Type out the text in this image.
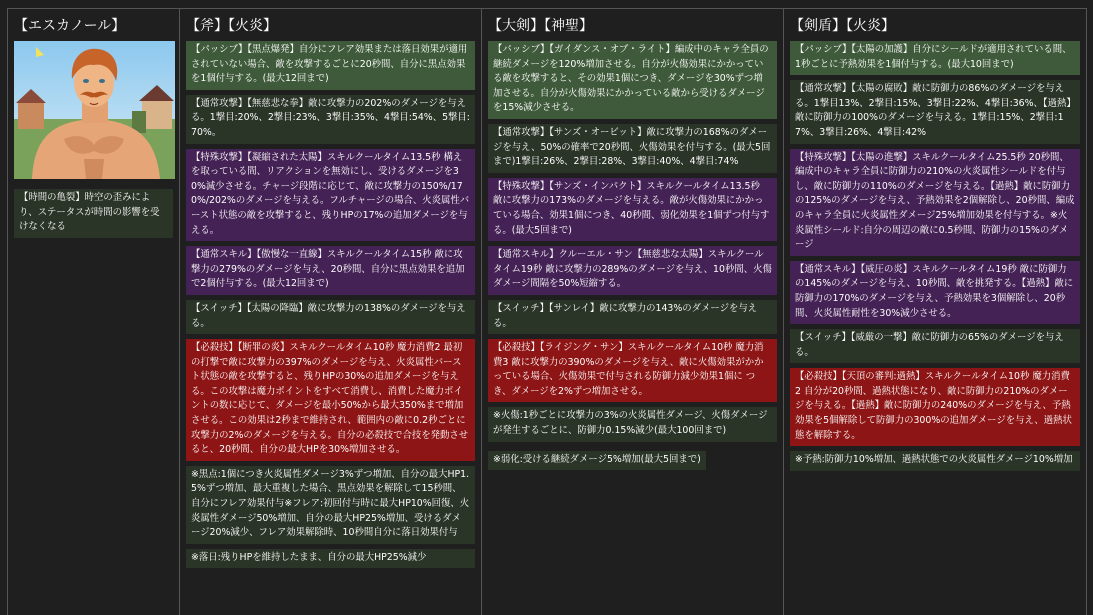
【エスカノール】
【時間の亀裂】時空の歪みにより、ステータスが時間の影響を受けなくなる
【斧】【火炎】
【パッシブ】【黒点爆発】自分にフレア効果または落日効果が適用されていない場合、敵を攻撃するごとに20秒間、自分に黒点効果を1個付与する。(最大12回まで)
【通常攻撃】【無慈悲な拳】敵に攻撃力の202%のダメージを与える。1撃目:20%、2撃目:23%、3撃目:35%、4撃目:54%、5撃目:70%。
【特殊攻撃】【凝縮された太陽】スキルクールタイム13.5秒 構えを取っている間、リアクションを無効にし、受けるダメージを30%減少させる。チャージ段階に応じて、敵に攻撃力の150%/170%/202%のダメージを与える。フルチャージの場合、火炎属性バースト状態の敵を攻撃すると、残りHPの17%の追加ダメージを与える。
【通常スキル】【傲慢な一直線】スキルクールタイム15秒 敵に攻撃力の279%のダメージを与え、20秒間、自分に黒点効果を追加で2個付与する。(最大12回まで)
【スイッチ】【太陽の降臨】敵に攻撃力の138%のダメージを与える。
【必殺技】【断罪の炎】スキルクールタイム10秒 魔力消費2 最初の打撃で敵に攻撃力の397%のダメージを与え、火炎属性バースト状態の敵を攻撃すると、残りHPの30%の追加ダメージを与える。この攻撃は魔力ポイントをすべて消費し、消費した魔力ポイントの数に応じて、ダメージを最小50%から最大350%まで増加させる。この効果は2秒まで維持され、範囲内の敵に0.2秒ごとに攻撃力の2%のダメージを与える。自分の必殺技で合技を発動させると、20秒間、自分の最大HPを30%増加させる。
※黒点:1個につき火炎属性ダメージ3%ずつ増加、自分の最大HP1.5%ずつ増加、最大重複した場合、黒点効果を解除して15秒間、自分にフレア効果付与※フレア:初回付与時に最大HP10%回復、火炎属性ダメージ50%増加、自分の最大HP25%増加、受けるダメージ20%減少、フレア効果解除時、10秒間自分に落日効果付与
※落日:残りHPを維持したまま、自分の最大HP25%減少
【大剣】【神聖】
【パッシブ】【ガイダンス・オブ・ライト】編成中のキャラ全員の継続ダメージを120%増加させる。自分が火傷効果にかかっている敵を攻撃すると、その効果1個につき、ダメージを30%ずつ増加させる。自分が火傷効果にかかっている敵から受けるダメージを15%減少させる。
【通常攻撃】【サンズ・オービット】敵に攻撃力の168%のダメージを与え、50%の確率で20秒間、火傷効果を付与する。(最大5回まで)1撃目:26%、2撃目:28%、3撃目:40%、4撃目:74%
【特殊攻撃】【サンズ・インパクト】スキルクールタイム13.5秒 敵に攻撃力の173%のダメージを与える。敵が火傷効果にかかっている場合、効果1個につき、40秒間、弱化効果を1個ずつ付与する。(最大5回まで)
【通常スキル】クルーエル・サン【無慈悲な太陽】スキルクールタイム19秒 敵に攻撃力の289%のダメージを与え、10秒間、火傷ダメージ間隔を50%短縮する。
【スイッチ】【サンレイ】敵に攻撃力の143%のダメージを与える。
【必殺技】【ライジング・サン】スキルクールタイム10秒 魔力消費3 敵に攻撃力の390%のダメージを与え、敵に火傷効果がかかっている場合、火傷効果で付与される防御力減少効果1個に つき、ダメージを2%ずつ増加させる。
※火傷:1秒ごとに攻撃力の3%の火炎属性ダメージ、火傷ダメージが発生するごとに、防御力0.15%減少(最大100回まで)
※弱化:受ける継続ダメージ5%増加(最大5回まで)
【剣盾】【火炎】
【パッシブ】【太陽の加護】自分にシールドが適用されている間、1秒ごとに予熱効果を1個付与する。(最大10回まで)
【通常攻撃】【太陽の腐敗】敵に防御力の86%のダメージを与える。1撃目13%、2撃目:15%、3撃目:22%、4撃目:36%、【過熱】敵に防御力の100%のダメージを与える。1撃目:15%、2撃目:17%、3撃目:26%、4撃目:42%
【特殊攻撃】【太陽の進撃】スキルクールタイム25.5秒 20秒間、編成中のキャラ全員に防御力の210%の火炎属性シールドを付与し、敵に防御力の110%のダメージを与える。【過熱】敵に防御力の125%のダメージを与え、予熱効果を2個解除し、20秒間、編成のキャラ全員に火炎属性ダメージ25%増加効果を付与する。※火炎属性シールド:自分の周辺の敵に0.5秒間、防御力の15%のダメージ
【通常スキル】【威圧の炎】スキルクールタイム19秒 敵に防御力の145%のダメージを与え、10秒間、敵を挑発する。【過熱】敵に防御力の170%のダメージを与え、予熱効果を3個解除し、20秒間、火炎属性耐性を30%減少させる。
【スイッチ】【威厳の一撃】敵に防御力の65%のダメージを与える。
【必殺技】【天頂の審判:過熱】スキルクールタイム10秒 魔力消費2 自分が20秒間、過熱状態になり、敵に防御力の210%のダメージを与える。【過熱】敵に防御力の240%のダメージを与え、予熱効果を5個解除して防御力の300%の追加ダメージを与え、過熱状態を解除する。
※予熱:防御力10%増加、過熱状態での火炎属性ダメージ10%増加
